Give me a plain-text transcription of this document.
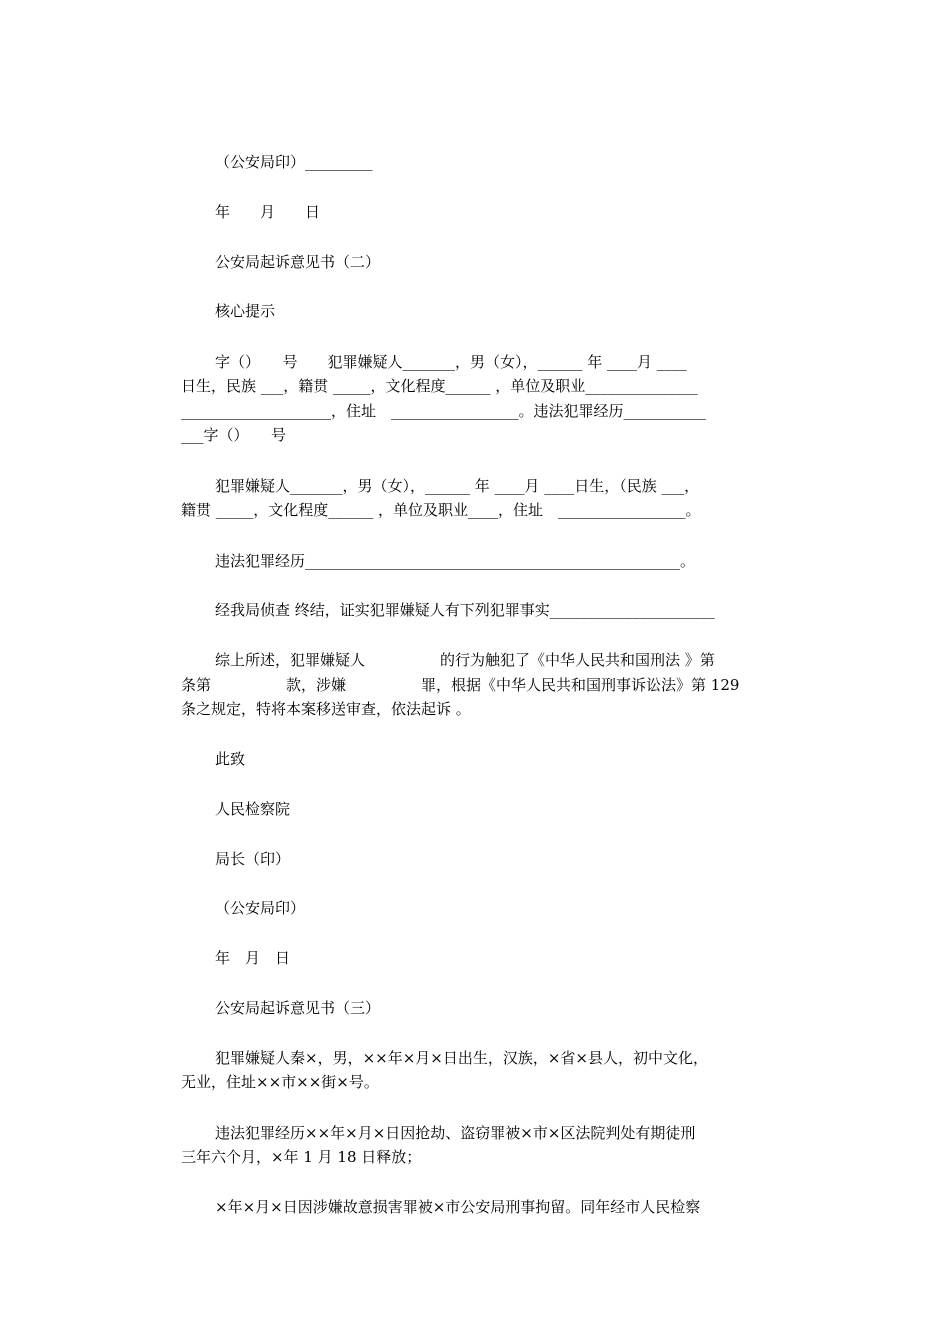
（公安局印）_________
年　　月　　日
公安局起诉意见书（二）
核心提示
字（）　　号　　犯罪嫌疑人_______，男（女），______ 年 ____月 ____
日生，民族 ___，籍贯 _____，文化程度______ ，单位及职业_______________
____________________，住址　_________________。违法犯罪经历___________
___字（）　　号
犯罪嫌疑人_______，男（女），______ 年 ____月 ____日生，（民族 ___，
籍贯 _____，文化程度______ ，单位及职业____，住址　_________________。
违法犯罪经历__________________________________________________。
经我局侦查 终结，证实犯罪嫌疑人有下列犯罪事实______________________
综上所述，犯罪嫌疑人　　　　　的行为触犯了《中华人民共和国刑法 》第
条第　　　　　款，涉嫌　　　　　罪，根据《中华人民共和国刑事诉讼法》第 129
条之规定，特将本案移送审查，依法起诉 。
此致
人民检察院
局长（印）
（公安局印）
年　月　日
公安局起诉意见书（三）
犯罪嫌疑人秦×，男，××年×月×日出生，汉族，×省×县人，初中文化，
无业，住址××市××街×号。
违法犯罪经历××年×月×日因抢劫、盗窃罪被×市×区法院判处有期徒刑
三年六个月，×年 1 月 18 日释放；
×年×月×日因涉嫌故意损害罪被×市公安局刑事拘留。同年经市人民检察
